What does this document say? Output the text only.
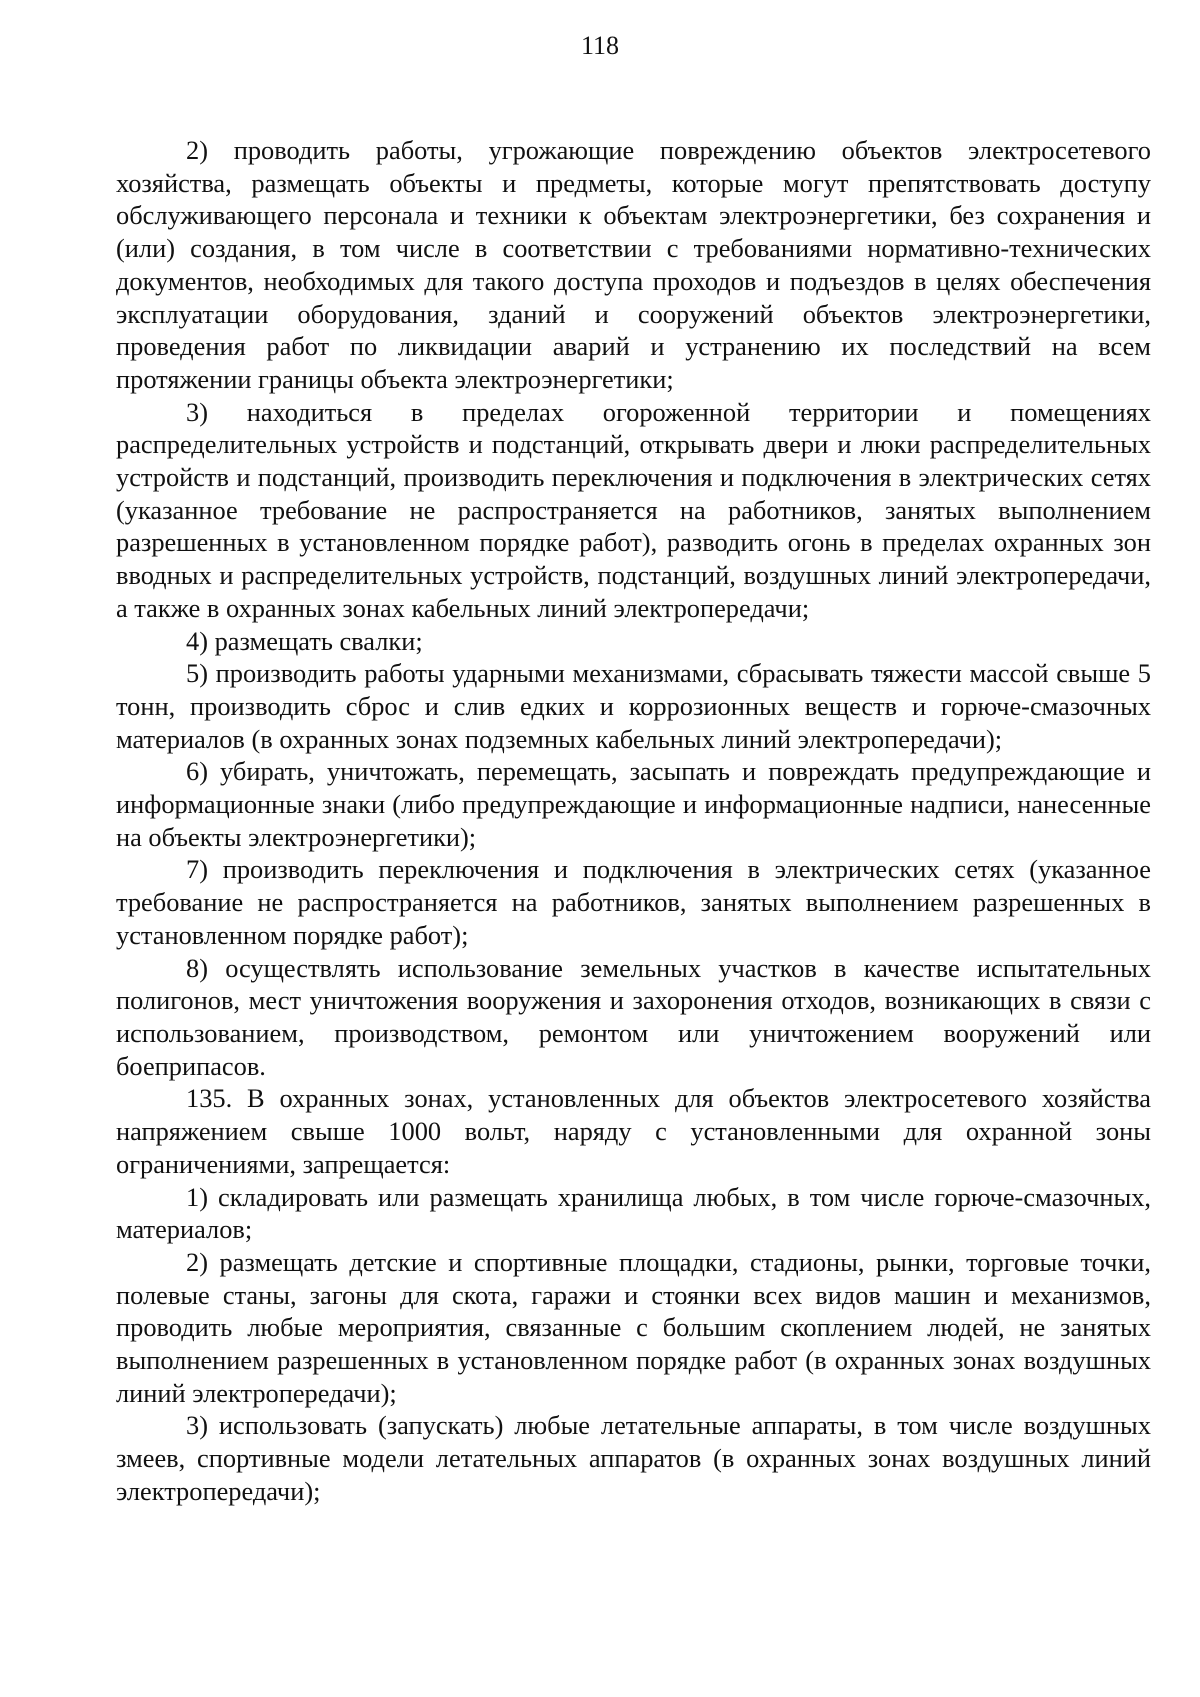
118

2) проводить работы, угрожающие повреждению объектов электросетевого хозяйства, размещать объекты и предметы, которые могут препятствовать доступу обслуживающего персонала и техники к объектам электроэнергетики, без сохранения и (или) создания, в том числе в соответствии с требованиями нормативно-технических документов, необходимых для такого доступа проходов и подъездов в целях обеспечения эксплуатации оборудования, зданий и сооружений объектов электроэнергетики, проведения работ по ликвидации аварий и устранению их последствий на всем протяжении границы объекта электроэнергетики;

3) находиться в пределах огороженной территории и помещениях распределительных устройств и подстанций, открывать двери и люки распределительных устройств и подстанций, производить переключения и подключения в электрических сетях (указанное требование не распространяется на работников, занятых выполнением разрешенных в установленном порядке работ), разводить огонь в пределах охранных зон вводных и распределительных устройств, подстанций, воздушных линий электропередачи, а также в охранных зонах кабельных линий электропередачи;

4) размещать свалки;

5) производить работы ударными механизмами, сбрасывать тяжести массой свыше 5 тонн, производить сброс и слив едких и коррозионных веществ и горюче-смазочных материалов (в охранных зонах подземных кабельных линий электропередачи);

6) убирать, уничтожать, перемещать, засыпать и повреждать предупреждающие и информационные знаки (либо предупреждающие и информационные надписи, нанесенные на объекты электроэнергетики);

7) производить переключения и подключения в электрических сетях (указанное требование не распространяется на работников, занятых выполнением разрешенных в установленном порядке работ);

8) осуществлять использование земельных участков в качестве испытательных полигонов, мест уничтожения вооружения и захоронения отходов, возникающих в связи с использованием, производством, ремонтом или уничтожением вооружений или боеприпасов.

135. В охранных зонах, установленных для объектов электросетевого хозяйства напряжением свыше 1000 вольт, наряду с установленными для охранной зоны ограничениями, запрещается:

1) складировать или размещать хранилища любых, в том числе горюче-смазочных, материалов;

2) размещать детские и спортивные площадки, стадионы, рынки, торговые точки, полевые станы, загоны для скота, гаражи и стоянки всех видов машин и механизмов, проводить любые мероприятия, связанные с большим скоплением людей, не занятых выполнением разрешенных в установленном порядке работ (в охранных зонах воздушных линий электропередачи);

3) использовать (запускать) любые летательные аппараты, в том числе воздушных змеев, спортивные модели летательных аппаратов (в охранных зонах воздушных линий электропередачи);
